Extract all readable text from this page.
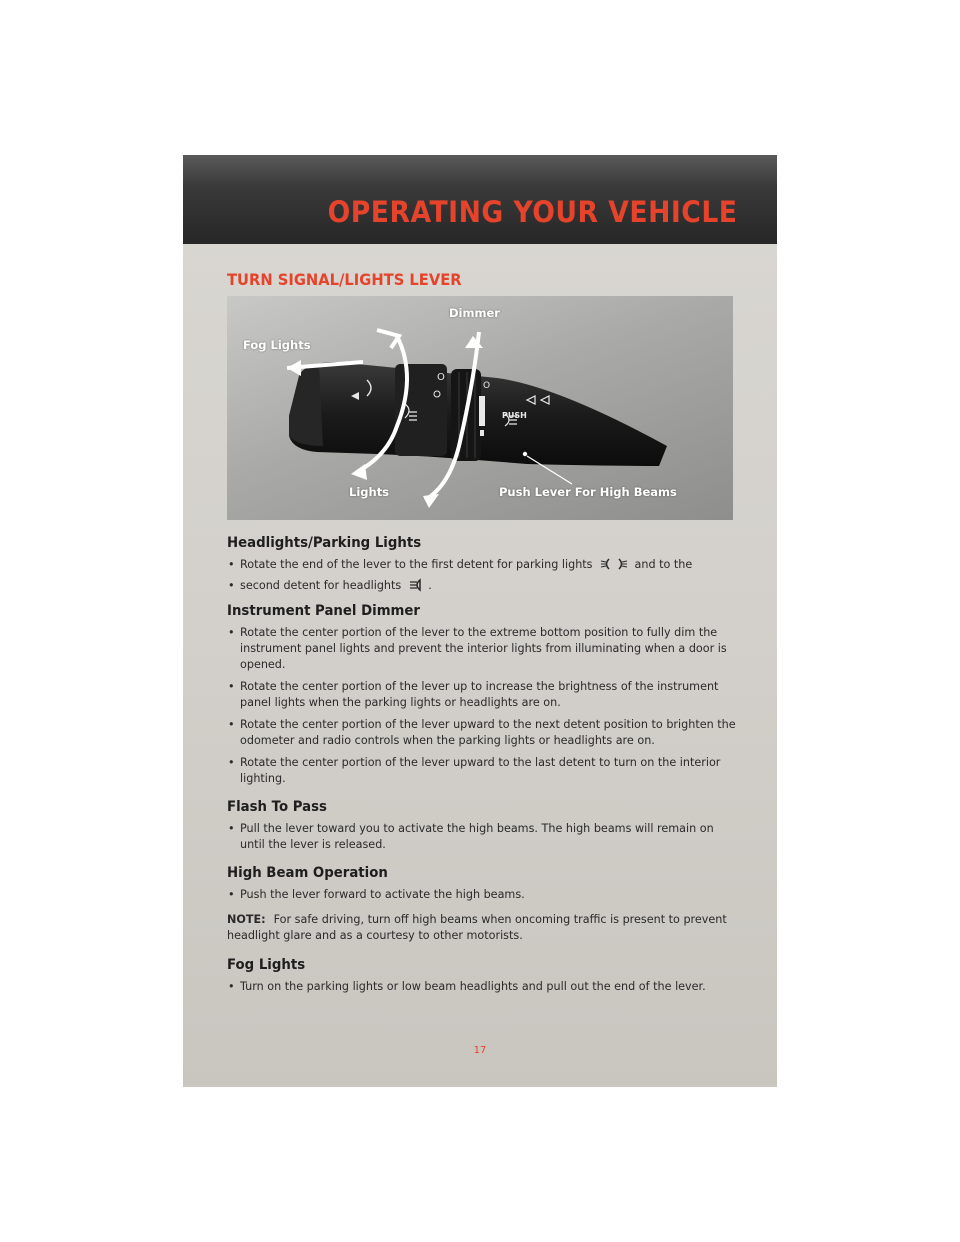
OPERATING YOUR VEHICLE
TURN SIGNAL/LIGHTS LEVER
O
O
PUSH
Fog Lights
Dimmer
Lights	Push Lever For High Beams
Headlights/Parking Lights
• Rotate the end of the lever to the first detent for parking lights	and to the
• second detent for headlights .
Instrument Panel Dimmer
• Rotate the center portion of the lever to the extreme bottom position to fully dim the instrument panel lights and prevent the interior lights from illuminating when a door is opened.
• Rotate the center portion of the lever up to increase the brightness of the instrument panel lights when the parking lights or headlights are on.
• Rotate the center portion of the lever upward to the next detent position to brighten the odometer and radio controls when the parking lights or headlights are on.
• Rotate the center portion of the lever upward to the last detent to turn on the interior lighting.
Flash To Pass
• Pull the lever toward you to activate the high beams. The high beams will remain on until the lever is released.
High Beam Operation
• Push the lever forward to activate the high beams.
NOTE: For safe driving, turn off high beams when oncoming traffic is present to prevent headlight glare and as a courtesy to other motorists.
Fog Lights
• Turn on the parking lights or low beam headlights and pull out the end of the lever.
17
